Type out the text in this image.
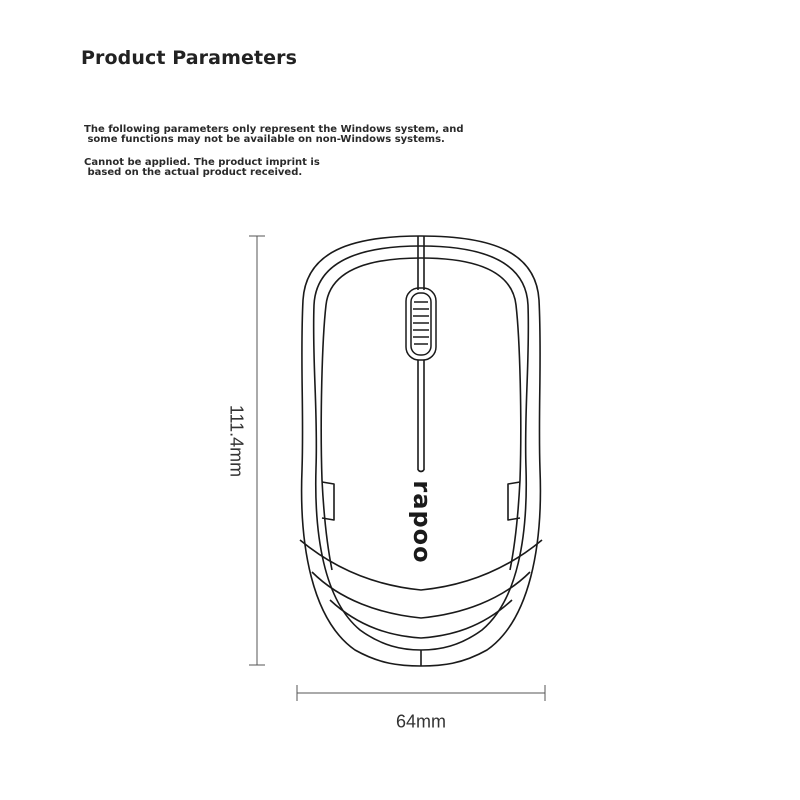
Product Parameters
The following parameters only represent the Windows system, and
some functions may not be available on non-Windows systems.
Cannot be applied. The product imprint is
based on the actual product received.
111.4mm
64mm
rapoo
